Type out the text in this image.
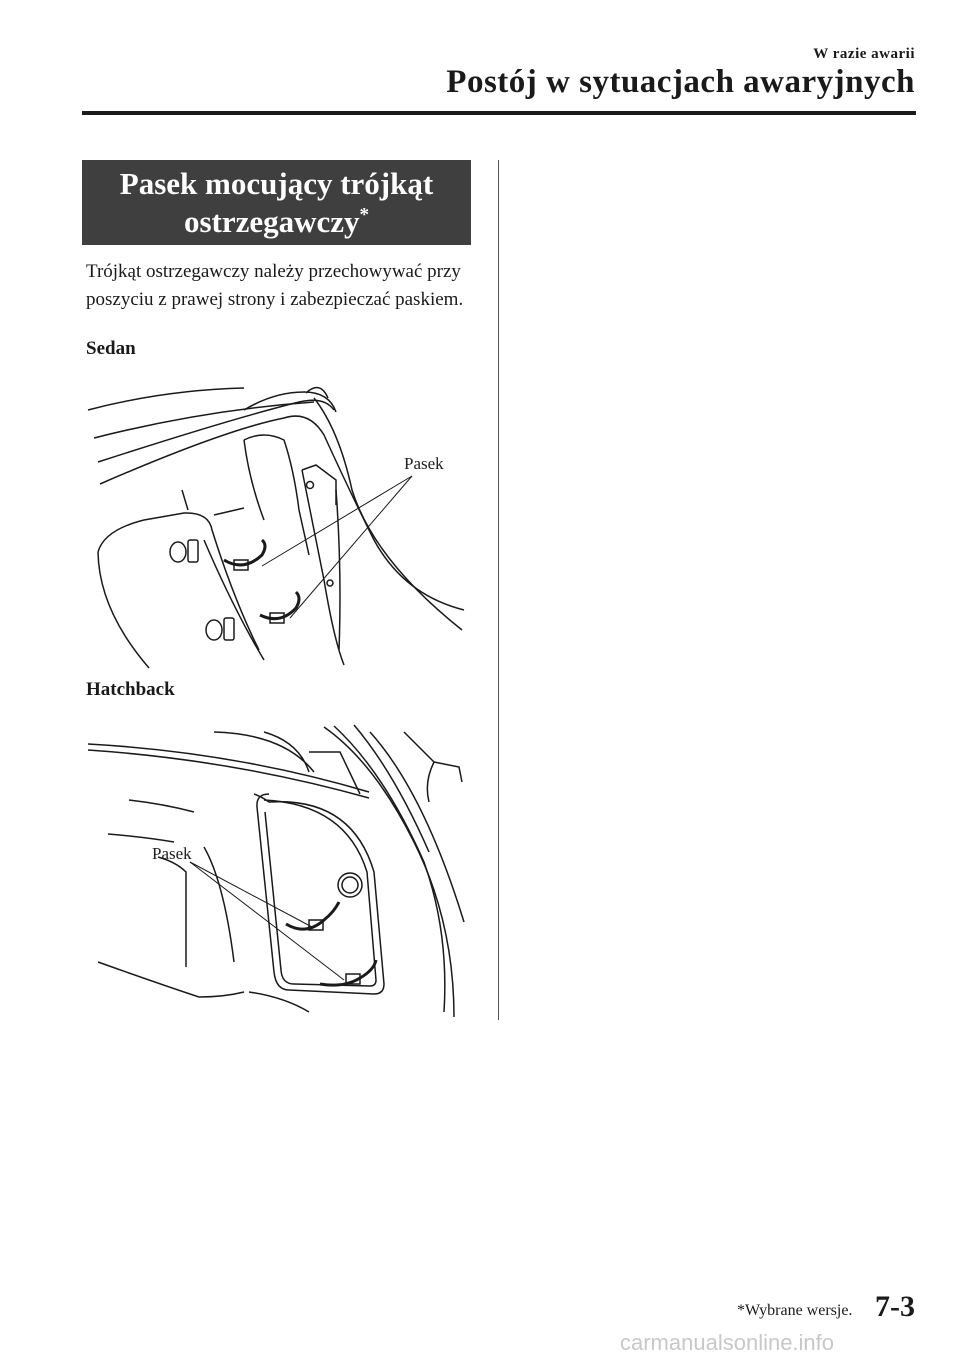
W razie awarii
Postój w sytuacjach awaryjnych
Pasek mocujący trójkąt
ostrzegawczy*

Trójkąt ostrzegawczy należy przechowywać przy poszyciu z prawej strony i zabezpieczać paskiem.

Sedan
Pasek
Hatchback
Pasek
*Wybrane wersje. 7-3
carmanualsonline.info
